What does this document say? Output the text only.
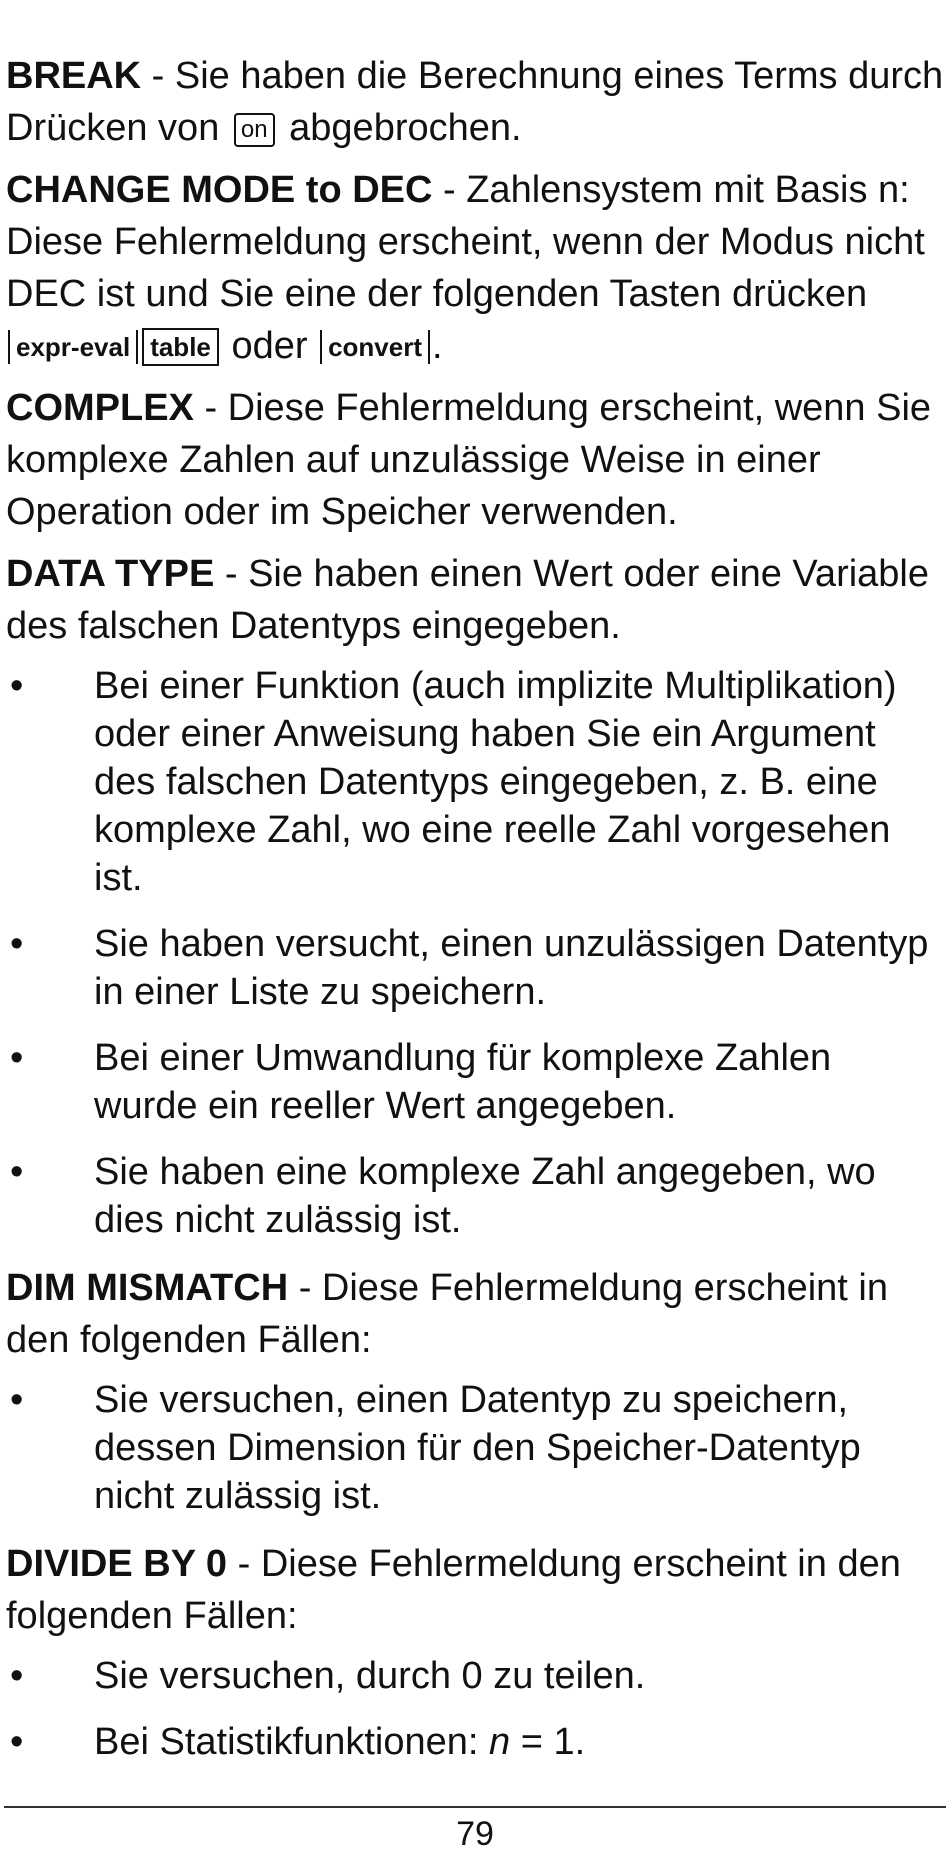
BREAK - Sie haben die Berechnung eines Terms durch Drücken von on abgebrochen.

CHANGE MODE to DEC - Zahlensystem mit Basis n: Diese Fehlermeldung erscheint, wenn der Modus nicht DEC ist und Sie eine der folgenden Tasten drückenexpr-eval table oder convert .

COMPLEX - Diese Fehlermeldung erscheint, wenn Sie komplexe Zahlen auf unzulässige Weise in einer Operation oder im Speicher verwenden.

DATA TYPE - Sie haben einen Wert oder eine Variable des falschen Datentyps eingegeben.

• Bei einer Funktion (auch implizite Multiplikation) oder einer Anweisung haben Sie ein Argument des falschen Datentyps eingegeben, z. B. eine komplexe Zahl, wo eine reelle Zahl vorgesehen ist.
• Sie haben versucht, einen unzulässigen Datentyp in einer Liste zu speichern.
• Bei einer Umwandlung für komplexe Zahlen wurde ein reeller Wert angegeben.
• Sie haben eine komplexe Zahl angegeben, wo dies nicht zulässig ist.

DIM MISMATCH - Diese Fehlermeldung erscheint in den folgenden Fällen:

• Sie versuchen, einen Datentyp zu speichern, dessen Dimension für den Speicher-Datentyp nicht zulässig ist.

DIVIDE BY 0 - Diese Fehlermeldung erscheint in den folgenden Fällen:

• Sie versuchen, durch 0 zu teilen.
• Bei Statistikfunktionen: n = 1.
79
